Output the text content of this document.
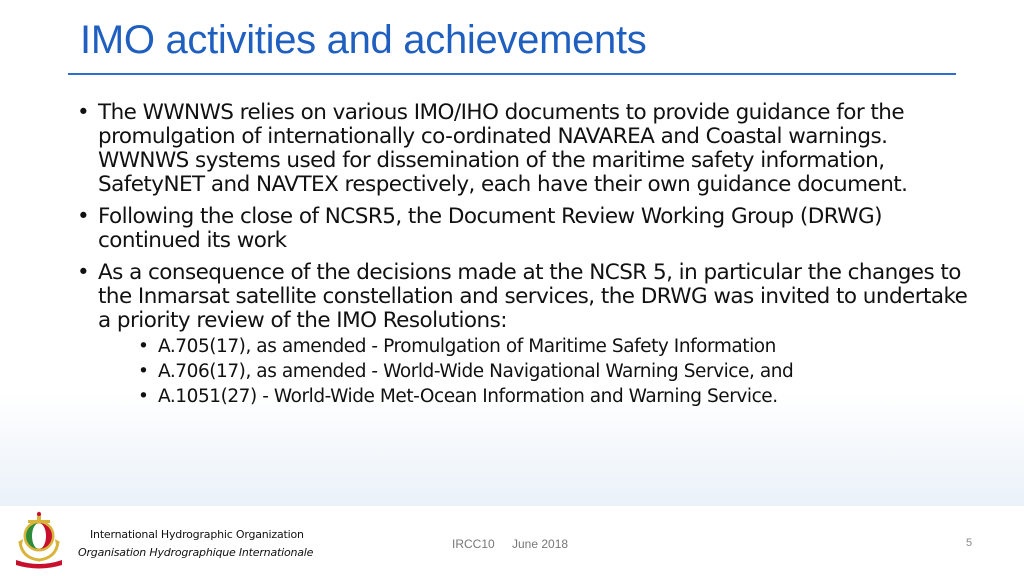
IMO activities and achievements
• The WWNWS relies on various IMO/IHO documents to provide guidance for the promulgation of internationally co-ordinated NAVAREA and Coastal warnings. WWNWS systems used for dissemination of the maritime safety information, SafetyNET and NAVTEX respectively, each have their own guidance document.
• Following the close of NCSR5, the Document Review Working Group (DRWG) continued its work
• As a consequence of the decisions made at the NCSR 5, in particular the changes to the Inmarsat satellite constellation and services, the DRWG was invited to undertake a priority review of the IMO Resolutions:
• A.705(17), as amended - Promulgation of Maritime Safety Information
• A.706(17), as amended - World-Wide Navigational Warning Service, and
• A.1051(27) - World-Wide Met-Ocean Information and Warning Service.
International Hydrographic Organization
Organisation Hydrographique Internationale
IRCC10 June 2018	5
